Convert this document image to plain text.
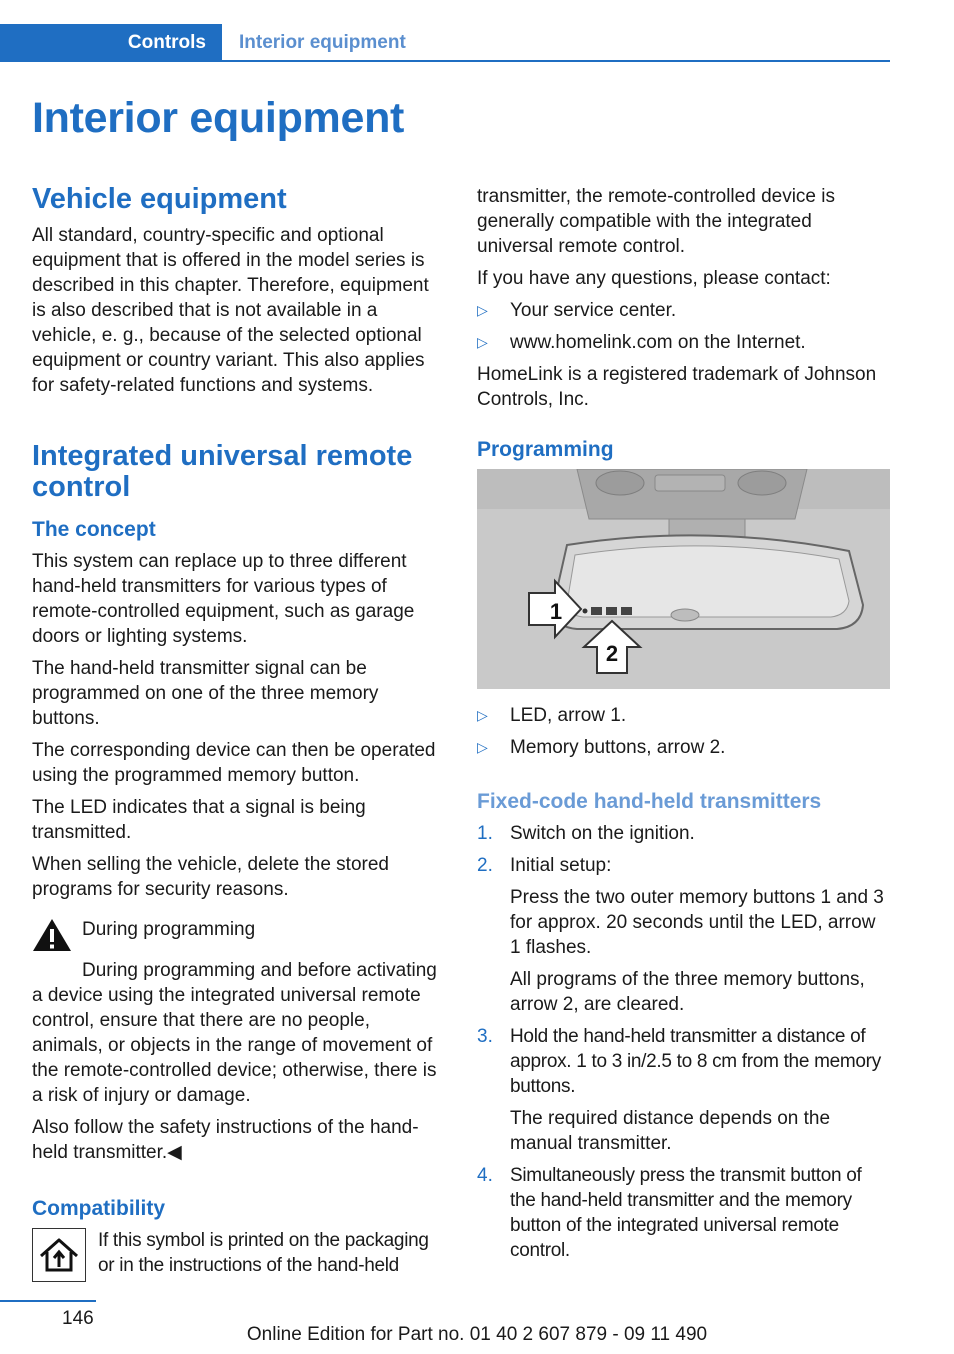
Controls Interior equipment
Interior equipment
Vehicle equipment

All standard, country-specific and optional equipment that is offered in the model series is described in this chapter. Therefore, equipment is also described that is not available in a vehicle, e. g., because of the selected optional equipment or country variant. This also applies for safety-related functions and systems.

Integrated universal remote control
The concept

This system can replace up to three different hand-held transmitters for various types of remote-controlled equipment, such as garage doors or lighting systems.

The hand-held transmitter signal can be programmed on one of the three memory buttons.

The corresponding device can then be operated using the programmed memory button.

The LED indicates that a signal is being transmitted.

When selling the vehicle, delete the stored programs for security reasons.

During programming

During programming and before activating a device using the integrated universal remote control, ensure that there are no people, animals, or objects in the range of movement of the remote-controlled device; otherwise, there is a risk of injury or damage.

Also follow the safety instructions of the hand-held transmitter.◀

Compatibility

If this symbol is printed on the packaging or in the instructions of the hand-held

transmitter, the remote-controlled device is generally compatible with the integrated universal remote control.

If you have any questions, please contact:

▷	Your service center.
▷	www.homelink.com on the Internet.

HomeLink is a registered trademark of Johnson Controls, Inc.

Programming
1
2
▷	LED, arrow 1.
▷	Memory buttons, arrow 2.
Fixed-code hand-held transmitters
1. Switch on the ignition.
2. Initial setup:

Press the two outer memory buttons 1 and 3 for approx. 20 seconds until the LED, arrow 1 flashes.

All programs of the three memory buttons, arrow 2, are cleared.

3. Hold the hand-held transmitter a distance of approx. 1 to 3 in/2.5 to 8 cm from the memory buttons.

The required distance depends on the manual transmitter.

4. Simultaneously press the transmit button of the hand-held transmitter and the memory button of the integrated universal remote control.
146
Online Edition for Part no. 01 40 2 607 879 - 09 11 490
